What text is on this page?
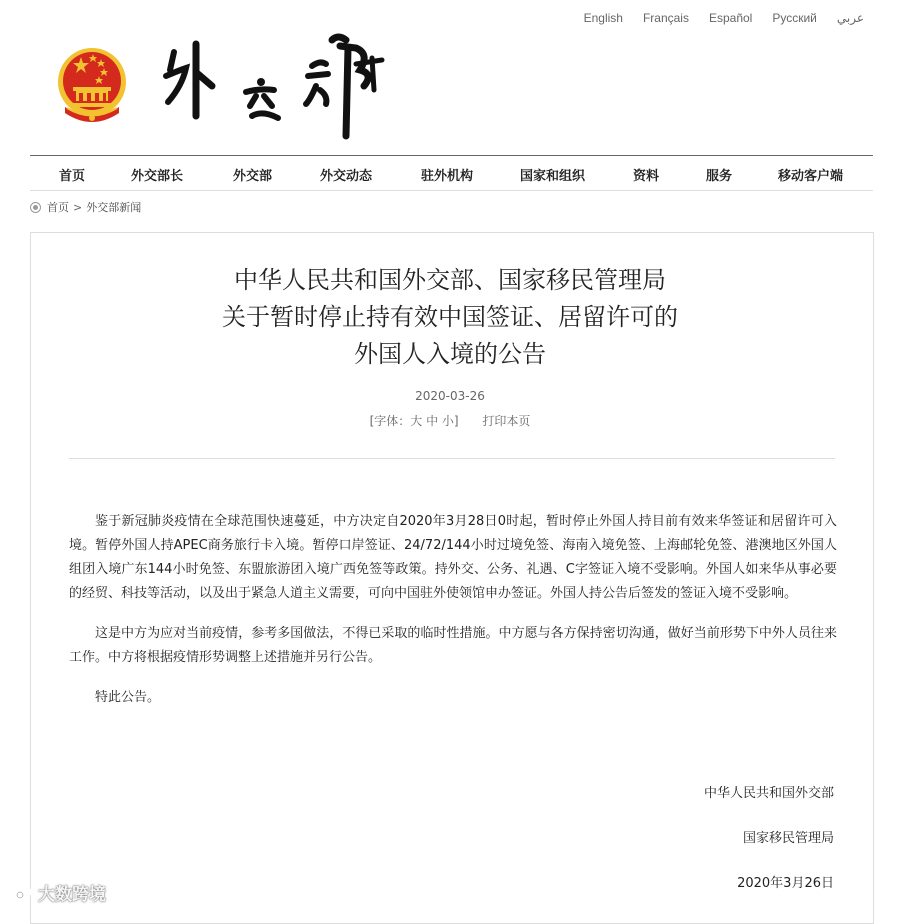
English Français Español Русский عربي
首页	外交部长	外交部	外交动态	驻外机构	国家和组织	资料	服务	移动客户端
首页 > 外交部新闻
中华人民共和国外交部、国家移民管理局
关于暂时停止持有效中国签证、居留许可的
外国人入境的公告
2020-03-26
[字体：大 中 小] 打印本页

鉴于新冠肺炎疫情在全球范围快速蔓延，中方决定自2020年3月28日0时起，暂时停止外国人持目前有效来华签证和居留许可入境。暂停外国人持APEC商务旅行卡入境。暂停口岸签证、24/72/144小时过境免签、海南入境免签、上海邮轮免签、港澳地区外国人组团入境广东144小时免签、东盟旅游团入境广西免签等政策。持外交、公务、礼遇、C字签证入境不受影响。外国人如来华从事必要的经贸、科技等活动，以及出于紧急人道主义需要，可向中国驻外使领馆申办签证。外国人持公告后签发的签证入境不受影响。

这是中方为应对当前疫情，参考多国做法，不得已采取的临时性措施。中方愿与各方保持密切沟通，做好当前形势下中外人员往来工作。中方将根据疫情形势调整上述措施并另行公告。

特此公告。

中华人民共和国外交部
国家移民管理局
2020年3月26日
大数跨境
